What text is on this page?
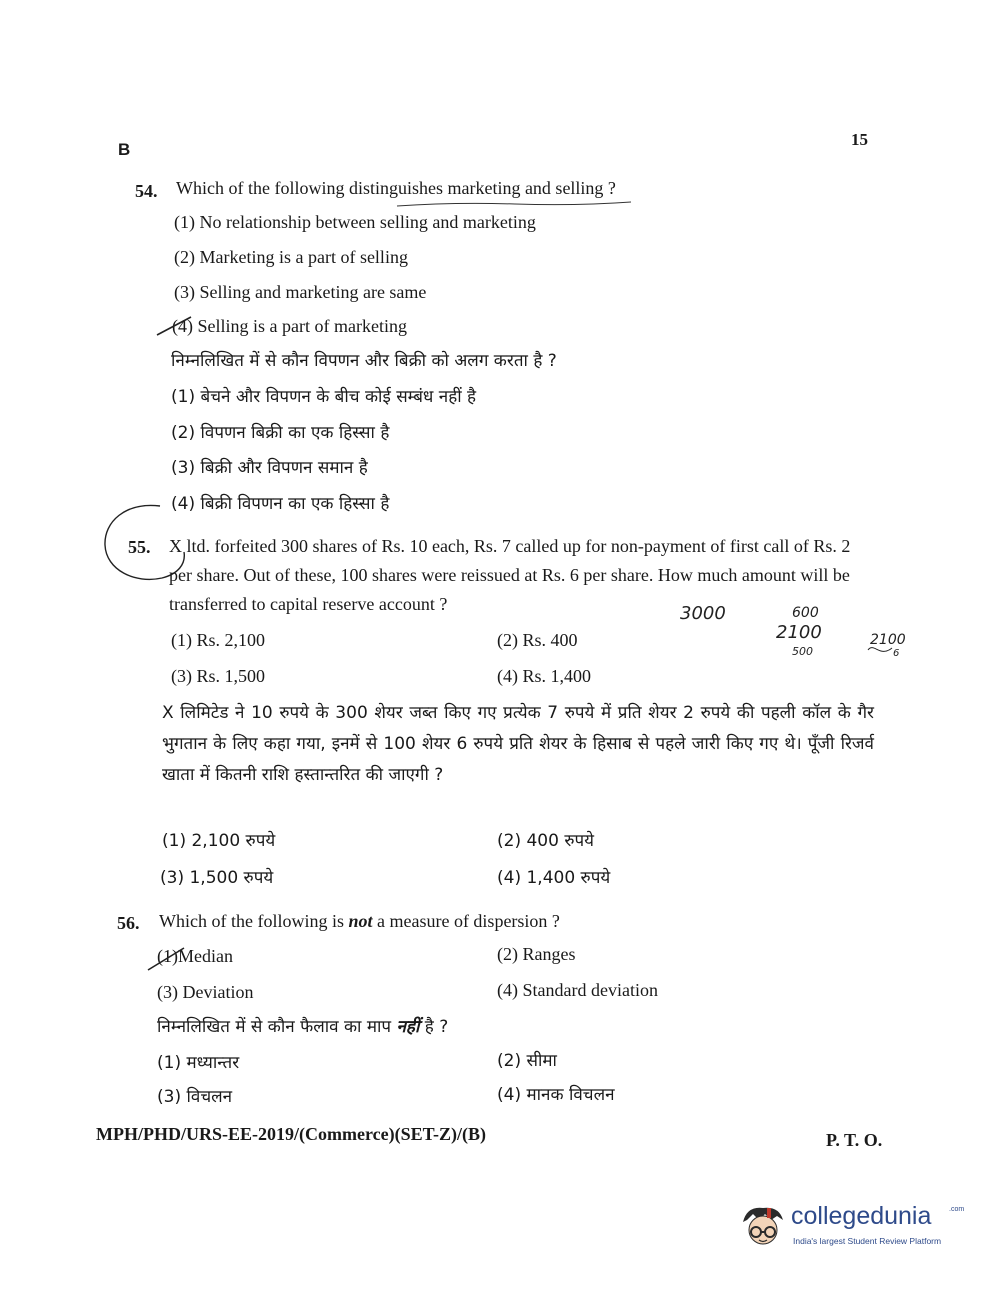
B
15
54. Which of the following distinguishes marketing and selling ?
(1) No relationship between selling and marketing
(2) Marketing is a part of selling
(3) Selling and marketing are same
(4) Selling is a part of marketing
निम्नलिखित में से कौन विपणन और बिक्री को अलग करता है ?
(1) बेचने और विपणन के बीच कोई सम्बंध नहीं है
(2) विपणन बिक्री का एक हिस्सा है
(3) बिक्री और विपणन समान है
(4) बिक्री विपणन का एक हिस्सा है
55. X ltd. forfeited 300 shares of Rs. 10 each, Rs. 7 called up for non-payment of first call of Rs. 2 per share. Out of these, 100 shares were reissued at Rs. 6 per share. How much amount will be transferred to capital reserve account ?
(1) Rs. 2,100	(2) Rs. 400
(3) Rs. 1,500	(4) Rs. 1,400
3000	600
2100
500
2100
6
X लिमिटेड ने 10 रुपये के 300 शेयर जब्त किए गए प्रत्येक 7 रुपये में प्रति शेयर 2 रुपये की पहली कॉल के गैर भुगतान के लिए कहा गया, इनमें से 100 शेयर 6 रुपये प्रति शेयर के हिसाब से पहले जारी किए गए थे। पूँजी रिजर्व खाता में कितनी राशि हस्तान्तरित की जाएगी ?
(1) 2,100 रुपये	(2) 400 रुपये
(3) 1,500 रुपये	(4) 1,400 रुपये
56. Which of the following is not a measure of dispersion ?
(1)Median	(2) Ranges
(3) Deviation	(4) Standard deviation
निम्नलिखित में से कौन फैलाव का माप नहीं है ?
(1) मध्यान्तर	(2) सीमा
(3) विचलन	(4) मानक विचलन
MPH/PHD/URS-EE-2019/(Commerce)(SET-Z)/(B)	P. T. O.
collegedunia	.com
India's largest Student Review Platform
